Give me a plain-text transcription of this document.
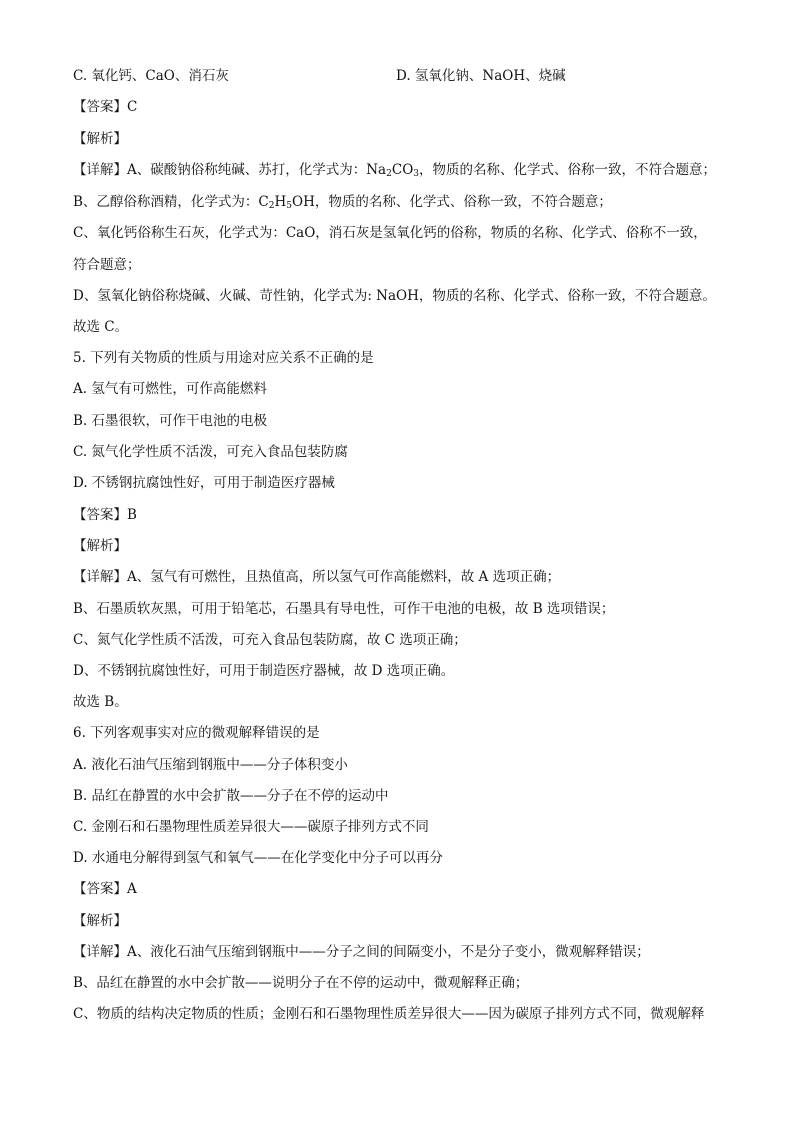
C. 氧化钙、CaO、消石灰	D. 氢氧化钠、NaOH、烧碱
【答案】C
【解析】
【详解】A、碳酸钠俗称纯碱、苏打，化学式为：$Na_2CO_3$，物质的名称、化学式、俗称一致，不符合题意；
B、乙醇俗称酒精，化学式为：$C_2H_5OH$，物质的名称、化学式、俗称一致，不符合题意；
C、氧化钙俗称生石灰，化学式为：CaO，消石灰是氢氧化钙的俗称，物质的名称、化学式、俗称不一致，
符合题意；
D、氢氧化钠俗称烧碱、火碱、苛性钠，化学式为: NaOH，物质的名称、化学式、俗称一致，不符合题意。
故选 C。
5. 下列有关物质的性质与用途对应关系不正确的是
A. 氢气有可燃性，可作高能燃料
B. 石墨很软，可作干电池的电极
C. 氮气化学性质不活泼，可充入食品包装防腐
D. 不锈钢抗腐蚀性好，可用于制造医疗器械
【答案】B
【解析】
【详解】A、氢气有可燃性，且热值高，所以氢气可作高能燃料，故 A 选项正确；
B、石墨质软灰黑，可用于铅笔芯，石墨具有导电性，可作干电池的电极，故 B 选项错误；
C、氮气化学性质不活泼，可充入食品包装防腐，故 C 选项正确；
D、不锈钢抗腐蚀性好，可用于制造医疗器械，故 D 选项正确。
故选 B。
6. 下列客观事实对应的微观解释错误的是
A. 液化石油气压缩到钢瓶中——分子体积变小
B. 品红在静置的水中会扩散——分子在不停的运动中
C. 金刚石和石墨物理性质差异很大——碳原子排列方式不同
D. 水通电分解得到氢气和氧气——在化学变化中分子可以再分
【答案】A
【解析】
【详解】A、液化石油气压缩到钢瓶中——分子之间的间隔变小，不是分子变小，微观解释错误；
B、品红在静置的水中会扩散——说明分子在不停的运动中，微观解释正确；
C、物质的结构决定物质的性质；金刚石和石墨物理性质差异很大——因为碳原子排列方式不同，微观解释
